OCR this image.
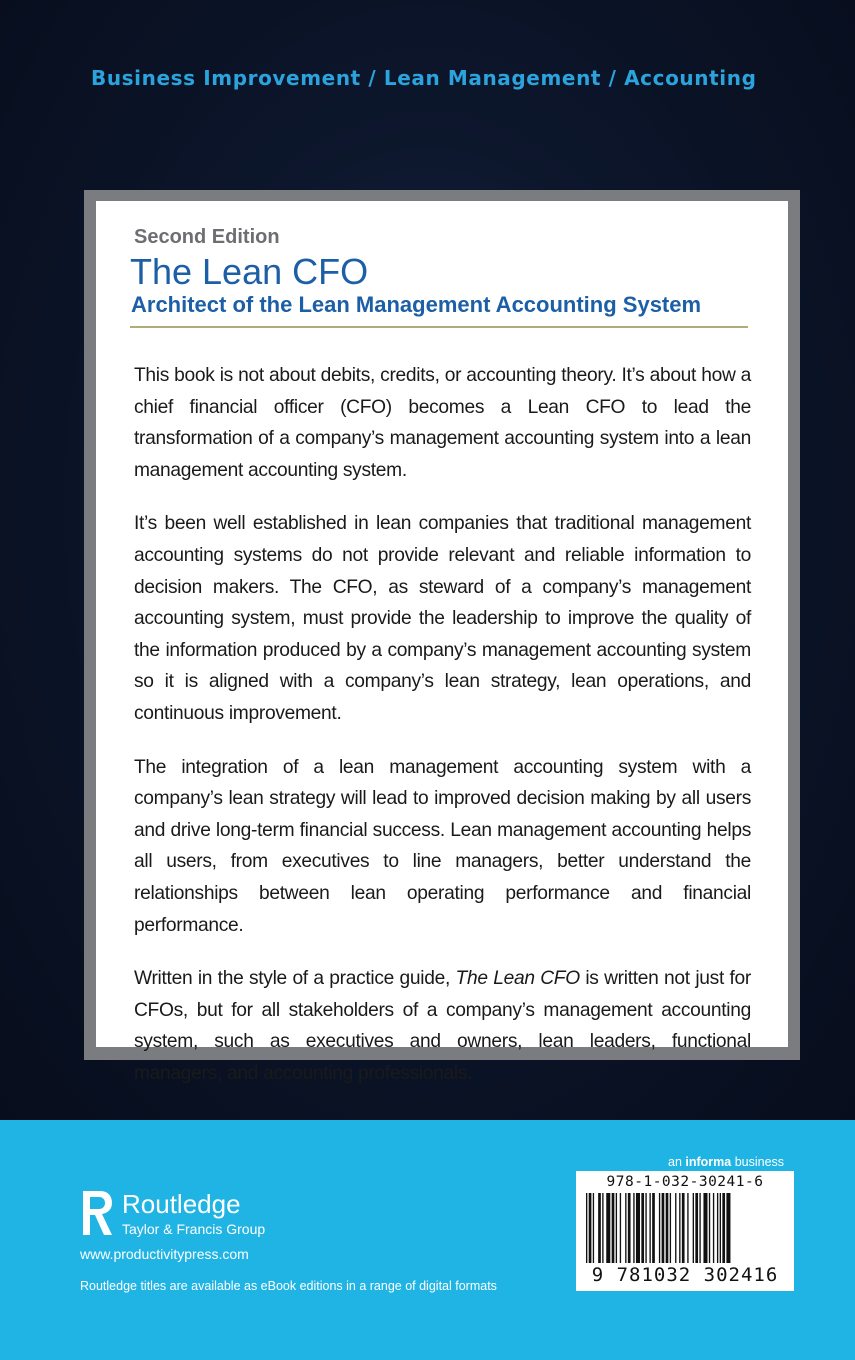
Business Improvement / Lean Management / Accounting
Second Edition
The Lean CFO
Architect of the Lean Management Accounting System

This book is not about debits, credits, or accounting theory. It’s about how a chief financial officer (CFO) becomes a Lean CFO to lead the transformation of a company’s management accounting system into a lean management accounting system.

It’s been well established in lean companies that traditional management accounting systems do not provide relevant and reliable information to decision makers. The CFO, as steward of a company’s management accounting system, must provide the leadership to improve the quality of the information produced by a company’s management accounting system so it is aligned with a company’s lean strategy, lean operations, and continuous improvement.

The integration of a lean management accounting system with a company’s lean strategy will lead to improved decision making by all users and drive long-term financial success. Lean management accounting helps all users, from executives to line managers, better understand the relationships between lean operating performance and financial performance.

Written in the style of a practice guide, The Lean CFO is written not just for CFOs, but for all stakeholders of a company’s management accounting system, such as executives and owners, lean leaders, functional managers, and accounting professionals.

Routledge
Taylor & Francis Group
www.productivitypress.com
Routledge titles are available as eBook editions in a range of digital formats
an informa business
978-1-032-30241-6
9 781032 302416
